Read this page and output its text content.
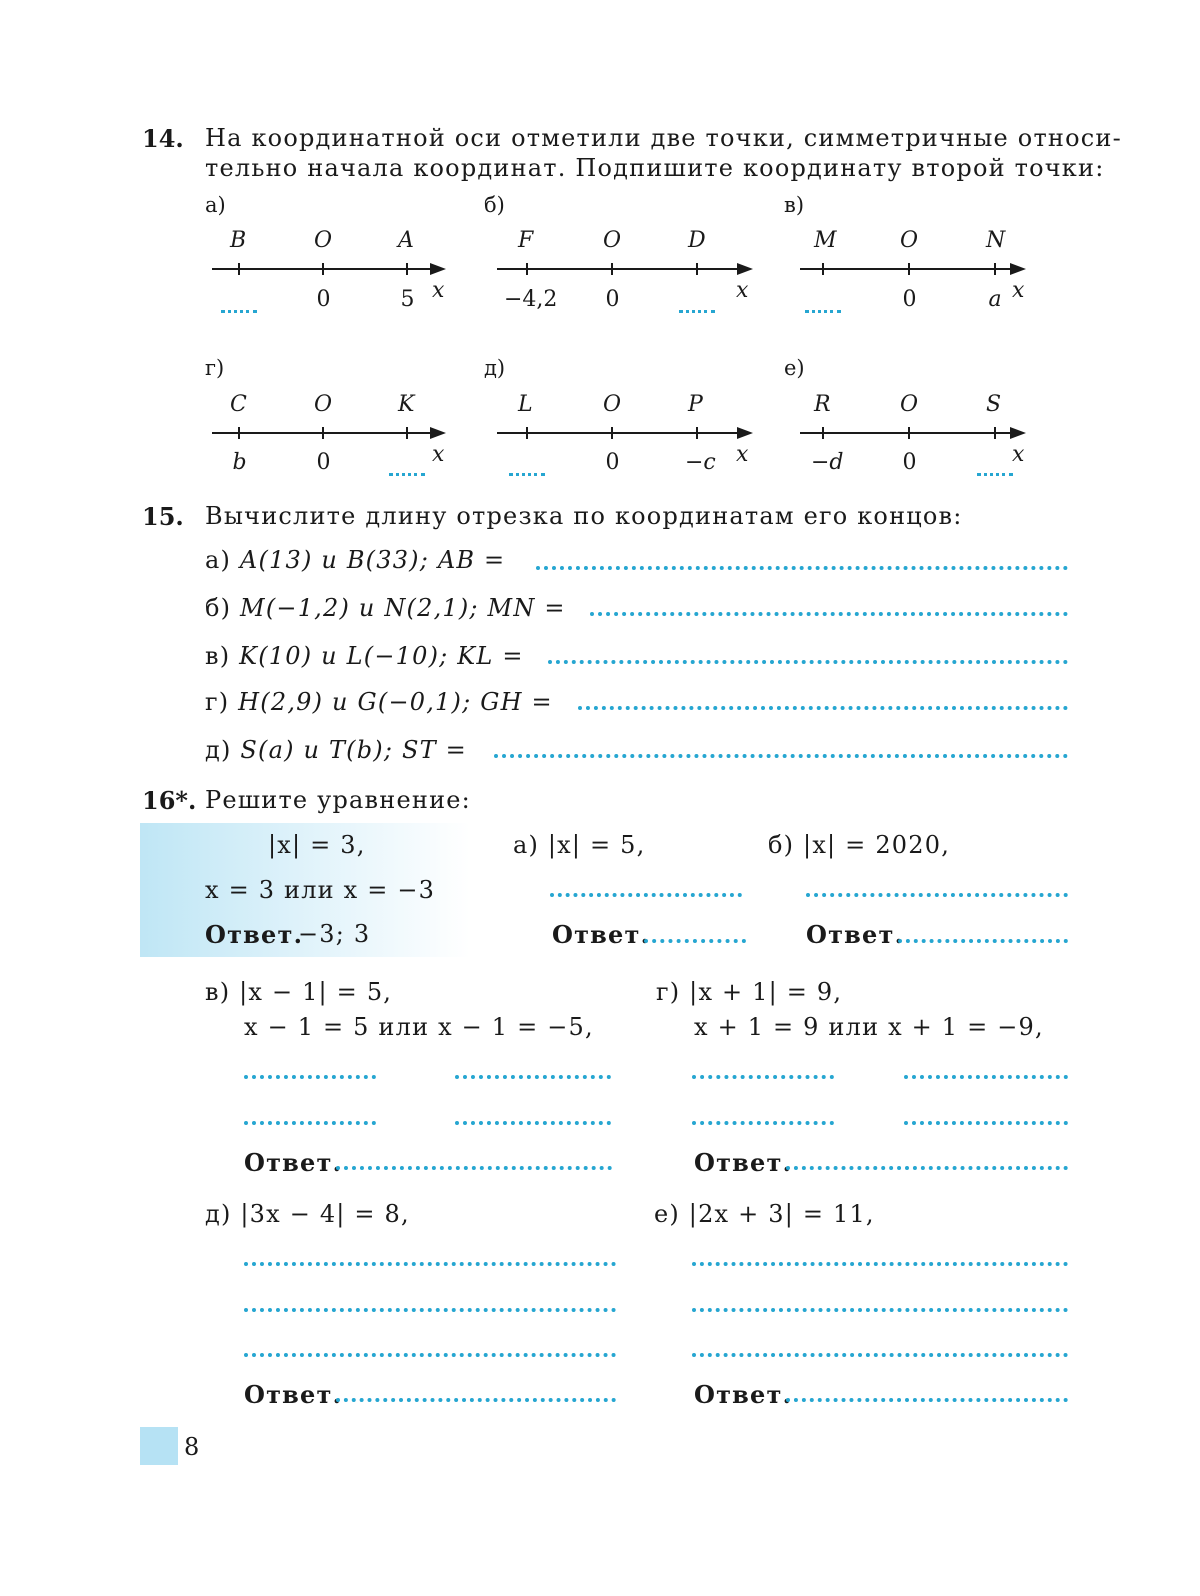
14. На координатной оси отметили две точки, симметричные относи-
тельно начала координат. Подпишите координату второй точки:
а)
B	O	A
x
0	5
б)
F	O	D
x
−4,2 0
в)
M	O	N
x
0	a
г)
C	O	K
x
b	0
д)
L	O	P
x
0	−c
е)
R	O	S
x
−d	0
15. Вычислите длину отрезка по координатам его концов:
а) A(13) и B(33); AB =
б) M(−1,2) и N(2,1); MN =
в) K(10) и L(−10); KL =
г) H(2,9) и G(−0,1); GH =
д) S(a) и T(b); ST =
16*. Решите уравнение:
|x| = 3,
x = 3 или x = −3
Ответ.
−3; 3
а) |x| = 5,
Ответ.
б) |x| = 2020,
Ответ.
в) |x − 1| = 5,
x − 1 = 5 или x − 1 = −5,
Ответ.
г) |x + 1| = 9,
x + 1 = 9 или x + 1 = −9,
Ответ.
д) |3x − 4| = 8,
Ответ.
е) |2x + 3| = 11,
Ответ.
8
